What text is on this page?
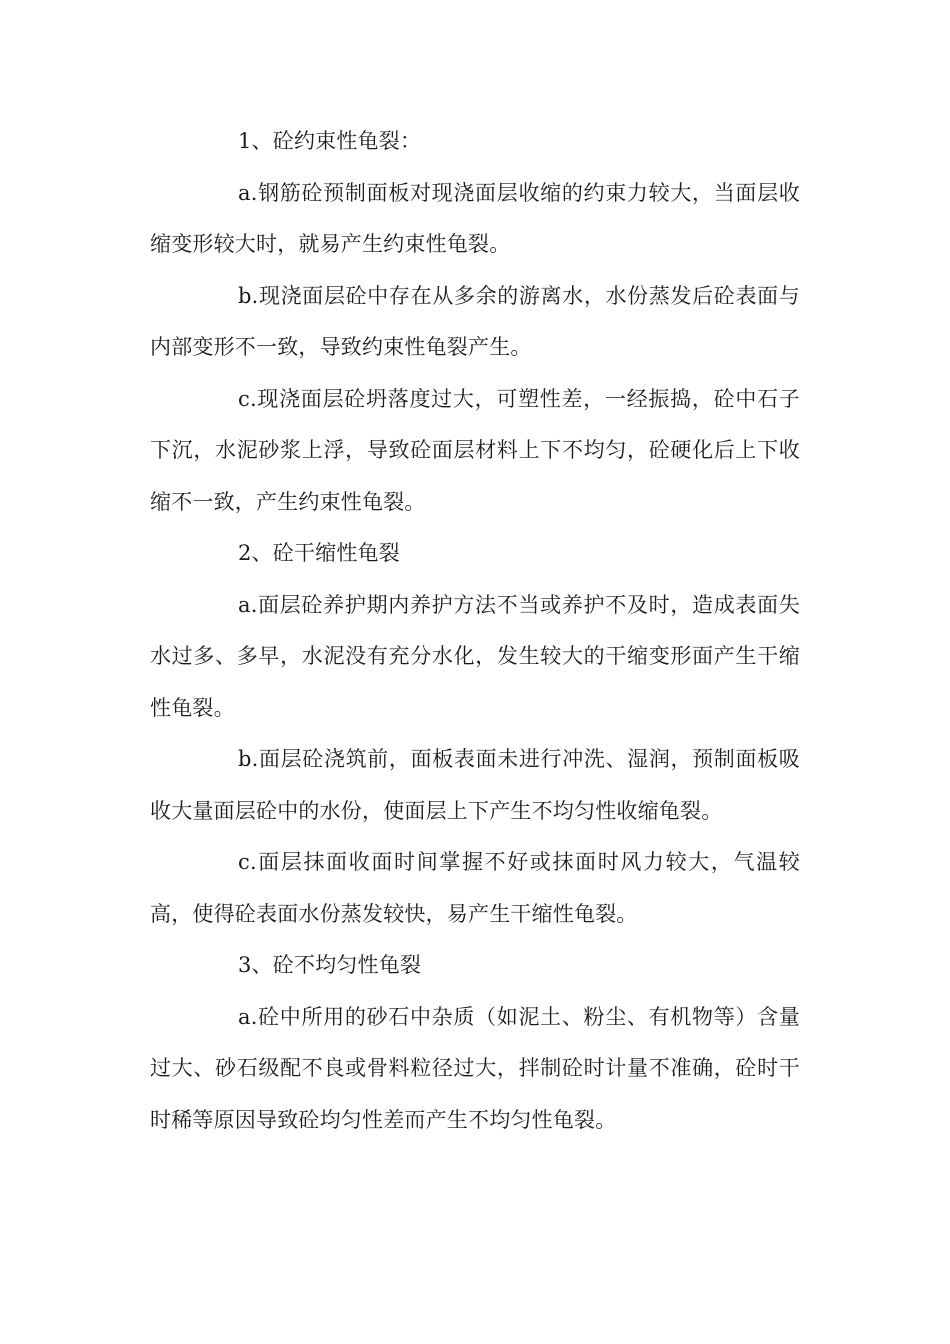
1、砼约束性龟裂：

a.钢筋砼预制面板对现浇面层收缩的约束力较大，当面层收缩变形较大时，就易产生约束性龟裂。

b.现浇面层砼中存在从多余的游离水，水份蒸发后砼表面与内部变形不一致，导致约束性龟裂产生。

c.现浇面层砼坍落度过大，可塑性差，一经振捣，砼中石子下沉，水泥砂浆上浮，导致砼面层材料上下不均匀，砼硬化后上下收缩不一致，产生约束性龟裂。

2、砼干缩性龟裂

a.面层砼养护期内养护方法不当或养护不及时，造成表面失水过多、多早，水泥没有充分水化，发生较大的干缩变形面产生干缩性龟裂。

b.面层砼浇筑前，面板表面未进行冲洗、湿润，预制面板吸收大量面层砼中的水份，使面层上下产生不均匀性收缩龟裂。

c.面层抹面收面时间掌握不好或抹面时风力较大，气温较高，使得砼表面水份蒸发较快，易产生干缩性龟裂。

3、砼不均匀性龟裂

a.砼中所用的砂石中杂质（如泥土、粉尘、有机物等）含量过大、砂石级配不良或骨料粒径过大，拌制砼时计量不准确，砼时干时稀等原因导致砼均匀性差而产生不均匀性龟裂。
